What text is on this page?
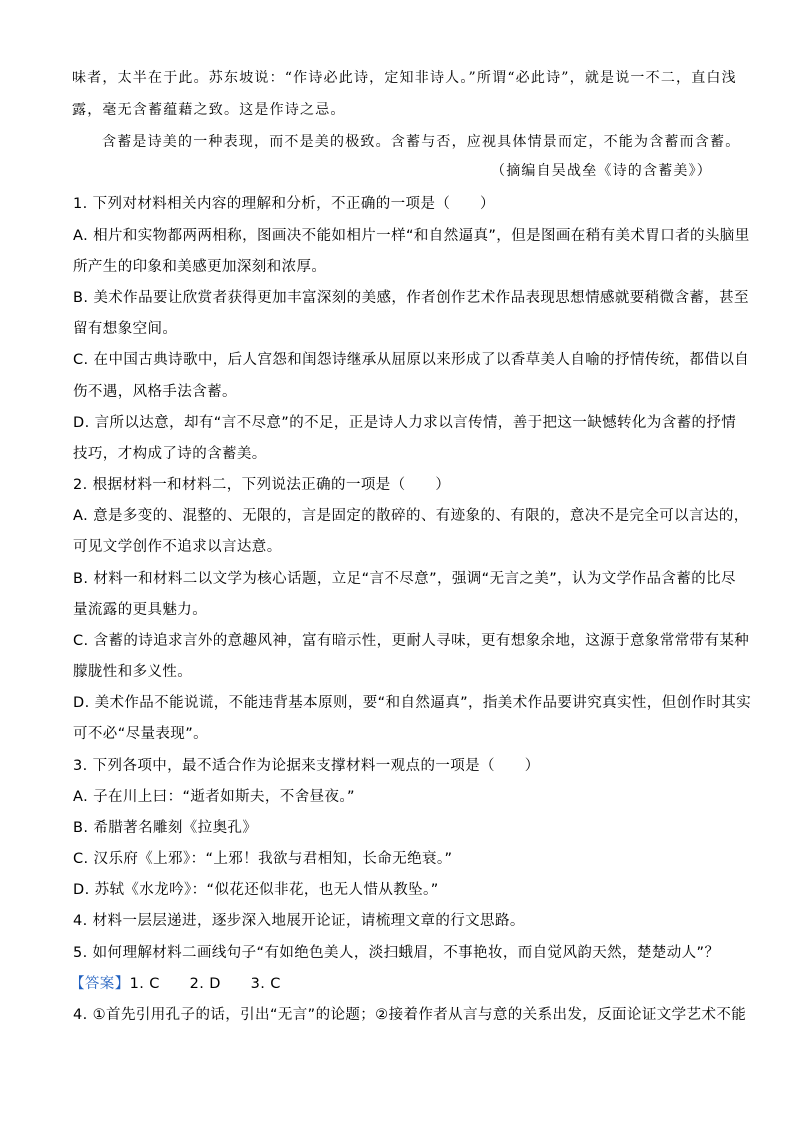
味者，太半在于此。苏东坡说：“作诗必此诗，定知非诗人。”所谓“必此诗”，就是说一不二，直白浅
露，毫无含蓄蕴藉之致。这是作诗之忌。
含蓄是诗美的一种表现，而不是美的极致。含蓄与否，应视具体情景而定，不能为含蓄而含蓄。
（摘编自吴战垒《诗的含蓄美》）
1. 下列对材料相关内容的理解和分析，不正确的一项是（　　）
A. 相片和实物都两两相称，图画决不能如相片一样“和自然逼真”，但是图画在稍有美术胃口者的头脑里
所产生的印象和美感更加深刻和浓厚。
B. 美术作品要让欣赏者获得更加丰富深刻的美感，作者创作艺术作品表现思想情感就要稍微含蓄，甚至
留有想象空间。
C. 在中国古典诗歌中，后人宫怨和闺怨诗继承从屈原以来形成了以香草美人自喻的抒情传统，都借以自
伤不遇，风格手法含蓄。
D. 言所以达意，却有“言不尽意”的不足，正是诗人力求以言传情，善于把这一缺憾转化为含蓄的抒情
技巧，才构成了诗的含蓄美。
2. 根据材料一和材料二，下列说法正确的一项是（　　）
A. 意是多变的、混整的、无限的，言是固定的散碎的、有迹象的、有限的，意决不是完全可以言达的，
可见文学创作不追求以言达意。
B. 材料一和材料二以文学为核心话题，立足“言不尽意”，强调“无言之美”，认为文学作品含蓄的比尽
量流露的更具魅力。
C. 含蓄的诗追求言外的意趣风神，富有暗示性，更耐人寻味，更有想象余地，这源于意象常常带有某种
朦胧性和多义性。
D. 美术作品不能说谎，不能违背基本原则，要“和自然逼真”，指美术作品要讲究真实性，但创作时其实
可不必“尽量表现”。
3. 下列各项中，最不适合作为论据来支撑材料一观点的一项是（　　）
A. 子在川上曰：“逝者如斯夫，不舍昼夜。”
B. 希腊著名雕刻《拉奥孔》
C. 汉乐府《上邪》：“上邪！我欲与君相知，长命无绝衰。”
D. 苏轼《水龙吟》：“似花还似非花，也无人惜从教坠。”
4. 材料一层层递进，逐步深入地展开论证，请梳理文章的行文思路。
5. 如何理解材料二画线句子“有如绝色美人，淡扫蛾眉，不事艳妆，而自觉风韵天然，楚楚动人”？
【答案】1. C　　2. D　　3. C
4. ①首先引用孔子的话，引出“无言”的论题；②接着作者从言与意的关系出发，反面论证文学艺术不能
